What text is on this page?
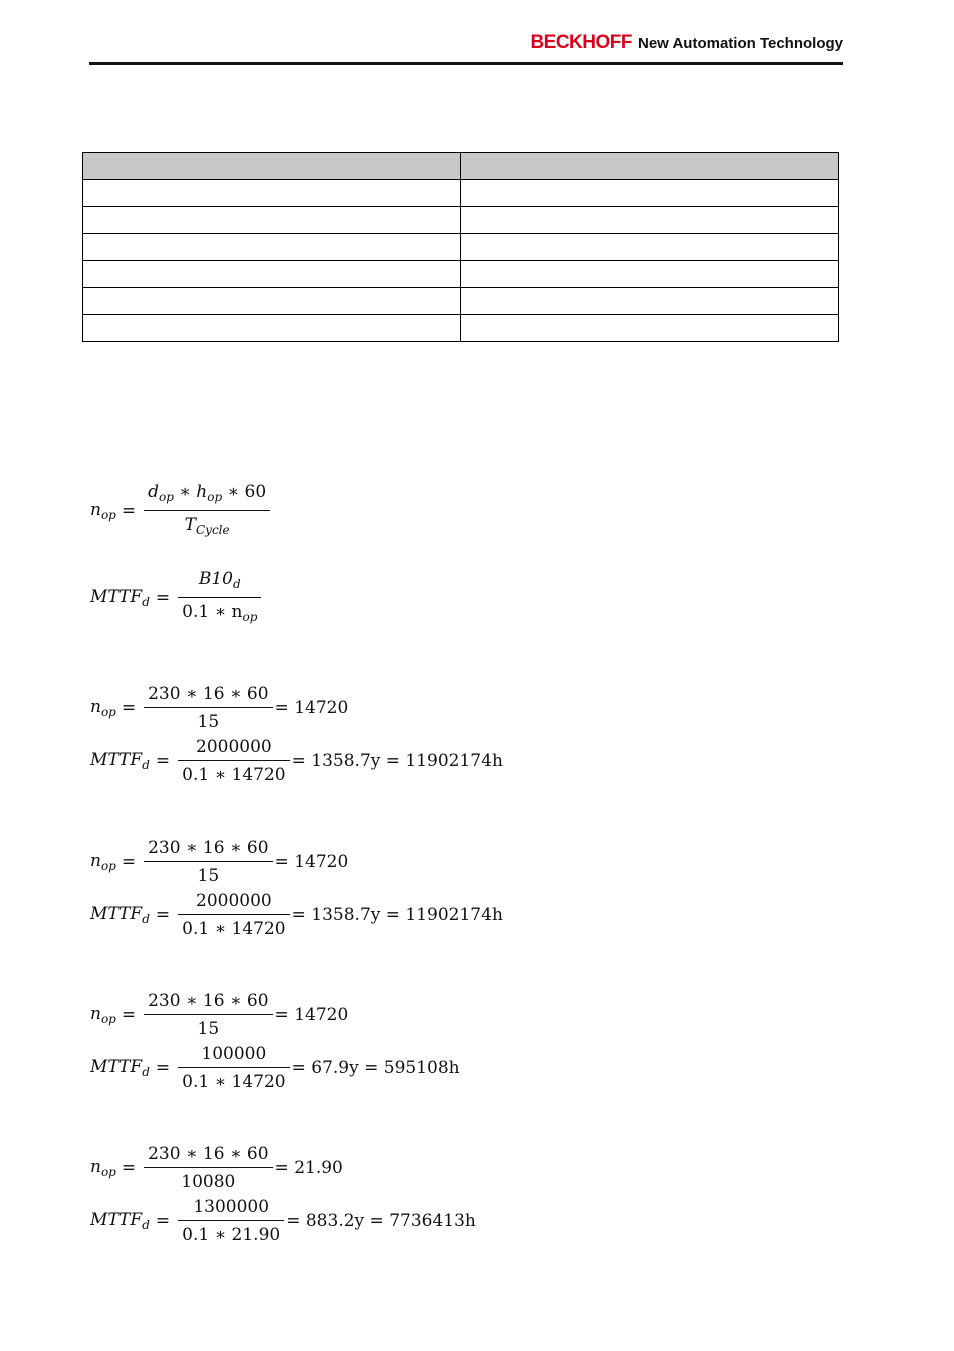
BECKHOFF New Automation Technology

$n_{op} = \frac{d_{op} ∗ h_{op} ∗ 60}{T_{Cycle}}$
$MTTF_d = \frac{B10_d}{0.1 ∗ n_{op}}$
$n_{op} = \frac{230 ∗ 16 ∗ 60}{15} = 14720$
$MTTF_d = \frac{2000000}{0.1 ∗ 14720} = 1358.7y = 11902174h$
$n_{op} = \frac{230 ∗ 16 ∗ 60}{15} = 14720$
$MTTF_d = \frac{2000000}{0.1 ∗ 14720} = 1358.7y = 11902174h$
$n_{op} = \frac{230 ∗ 16 ∗ 60}{15} = 14720$
$MTTF_d = \frac{100000}{0.1 ∗ 14720} = 67.9y = 595108h$
$n_{op} = \frac{230 ∗ 16 ∗ 60}{10080} = 21.90$
$MTTF_d = \frac{1300000}{0.1 ∗ 21.90} = 883.2y = 7736413h$
